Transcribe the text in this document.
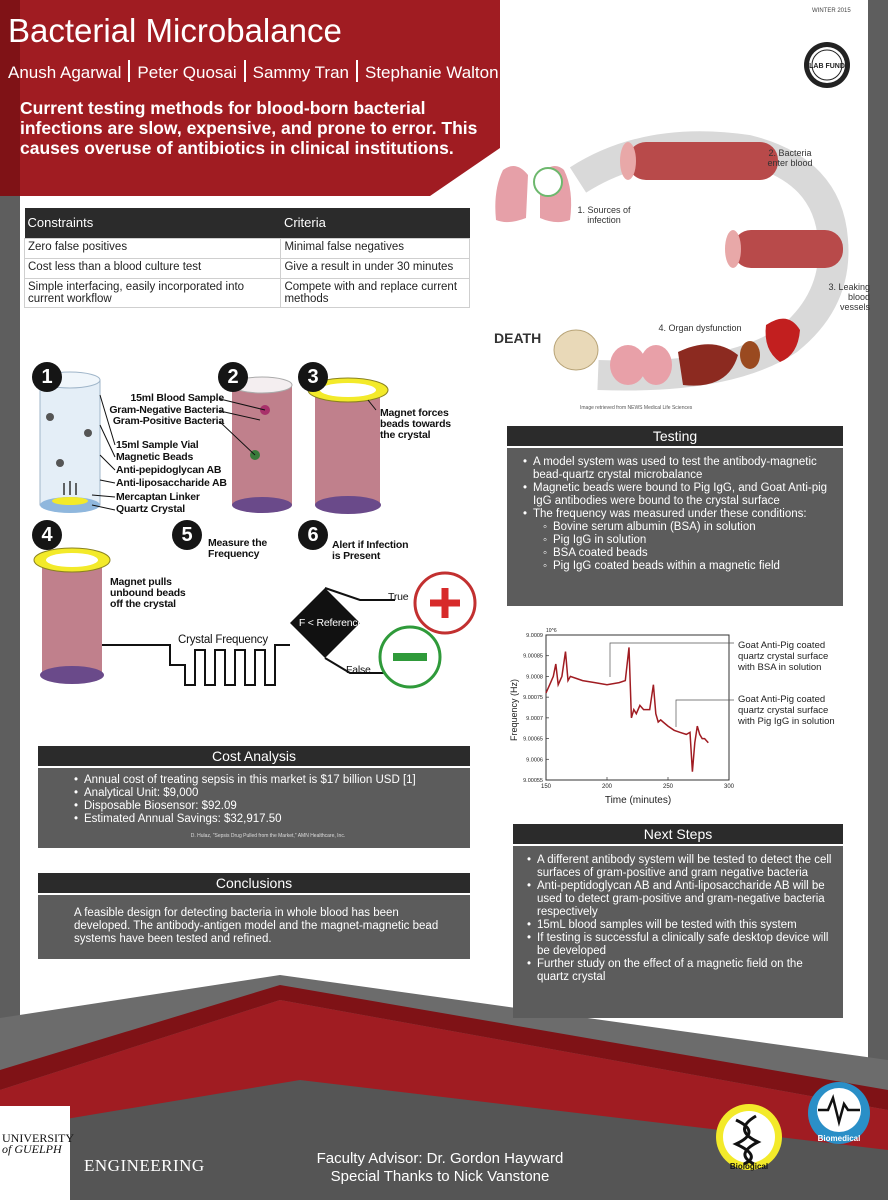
Bacterial Microbalance
Anush Agarwal Peter Quosai Sammy Tran Stephanie Walton
WINTER 2015
LAB FUND
Current testing methods for blood-born bacterial infections are slow, expensive, and prone to error. This causes overuse of antibiotics in clinical institutions.
Constraints	Criteria
Zero false positives	Minimal false negatives
Cost less than a blood culture test	Give a result in under 30 minutes
Simple interfacing, easily incorporated into current workflow	Compete with and replace current methods
1. Sources of infection
2. Bacteria enter blood
3. Leaking blood vessels
4. Organ dysfunction
DEATH
Image retrieved from NEWS Medical Life Sciences
1	2	3
4	5	6
15ml Sample Vial
Magnetic Beads
Anti-pepidoglycan AB
Anti-liposaccharide AB
Mercaptan Linker
Quartz Crystal
15ml Blood Sample
Gram-Negative Bacteria
Gram-Positive Bacteria
Magnet forces beads towards the crystal
Magnet pulls unbound beads off the crystal
Measure the Frequency
Alert if Infection is Present
Crystal Frequency
F < Reference
True
False
Testing
• A model system was used to test the antibody-magnetic bead-quartz crystal microbalance
• Magnetic beads were bound to Pig IgG, and Goat Anti-pig IgG antibodies were bound to the crystal surface
• The frequency was measured under these conditions:
◦ Bovine serum albumin (BSA) in solution
◦ Pig IgG in solution
◦ BSA coated beads
◦ Pig IgG coated beads within a magnetic field
9.0009
9.00085
9.0008
9.00075
9.0007
9.00065
9.0006
9.00055
150	200	250	300
10^6
Time (minutes)
Frequency (Hz)
Goat Anti-Pig coated quartz crystal surface with BSA in solution
Goat Anti-Pig coated quartz crystal surface with Pig IgG in solution
Cost Analysis
• Annual cost of treating sepsis in this market is $17 billion USD [1]
• Analytical Unit: $9,000
• Disposable Biosensor: $92.09
• Estimated Annual Savings: $32,917.50
D. Hulaz, "Sepsis Drug Pulled from the Market," AMN Healthcare, Inc.
Conclusions
A feasible design for detecting bacteria in whole blood has been developed. The antibody-antigen model and the magnet-magnetic bead systems have been tested and refined.
Next Steps
• A different antibody system will be tested to detect the cell surfaces of gram-positive and gram negative bacteria
• Anti-peptidoglycan AB and Anti-liposaccharide AB will be used to detect gram-positive and gram-negative bacteria respectively
• 15mL blood samples will be tested with this system
• If testing is successful a clinically safe desktop device will be developed
• Further study on the effect of a magnetic field on the quartz crystal
UNIVERSITY
of GUELPH
ENGINEERING	Faculty Advisor: Dr. Gordon Hayward
Special Thanks to Nick Vanstone
Biological
Biomedical
